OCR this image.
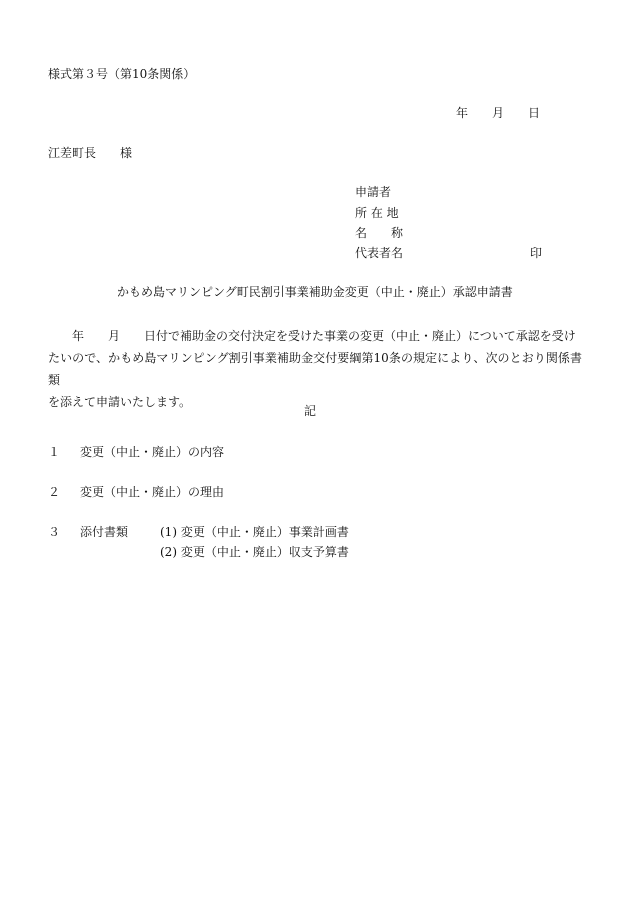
様式第３号（第10条関係）
年　　月　　日
江差町長　　様
申請者
所 在 地
名　　称
代表者名	印
かもめ島マリンピング町民割引事業補助金変更（中止・廃止）承認申請書
　　年　　月　　日付で補助金の交付決定を受けた事業の変更（中止・廃止）について承認を受け
たいので、かもめ島マリンピング割引事業補助金交付要綱第10条の規定により、次のとおり関係書類
を添えて申請いたします。
記
１ 変更（中止・廃止）の内容
２ 変更（中止・廃止）の理由
３ 添付書類	(1) 変更（中止・廃止）事業計画書
(2) 変更（中止・廃止）収支予算書
